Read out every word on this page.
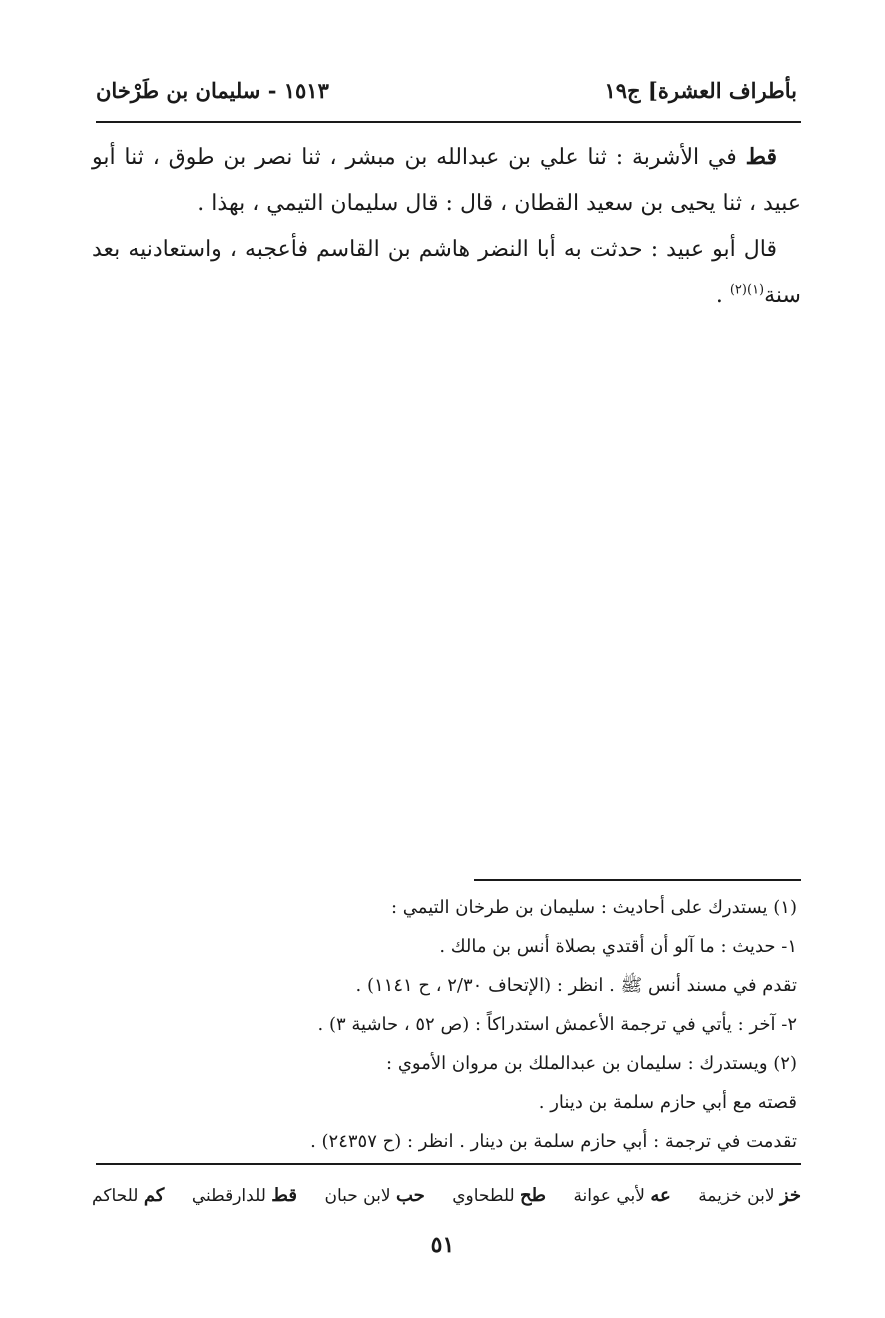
بأطراف العشرة] ج١٩
١٥١٣ - سليمان بن طَرْخان

قط في الأشربة : ثنا علي بن عبدالله بن مبشر ، ثنا نصر بن طوق ، ثنا أبو عبيد ، ثنا يحيى بن سعيد القطان ، قال : قال سليمان التيمي ، بهذا .

قال أبو عبيد : حدثت به أبا النضر هاشم بن القاسم فأعجبه ، واستعادنيه بعد سنة$^{(١)(٢)}$ .

(١) يستدرك على أحاديث : سليمان بن طرخان التيمي :

١- حديث : ما آلو أن أقتدي بصلاة أنس بن مالك .

تقدم في مسند أنس ﷺ . انظر : (الإتحاف ٢/٣٠ ، ح ١١٤١) .

٢- آخر : يأتي في ترجمة الأعمش استدراكاً : (ص ٥٢ ، حاشية ٣) .

(٢) ويستدرك : سليمان بن عبدالملك بن مروان الأموي :

قصته مع أبي حازم سلمة بن دينار .

تقدمت في ترجمة : أبي حازم سلمة بن دينار . انظر : (ح ٢٤٣٥٧) .

خز لابن خزيمة
عه لأبي عوانة
طح للطحاوي
حب لابن حبان
قط للدارقطني
كم للحاكم
٥١
